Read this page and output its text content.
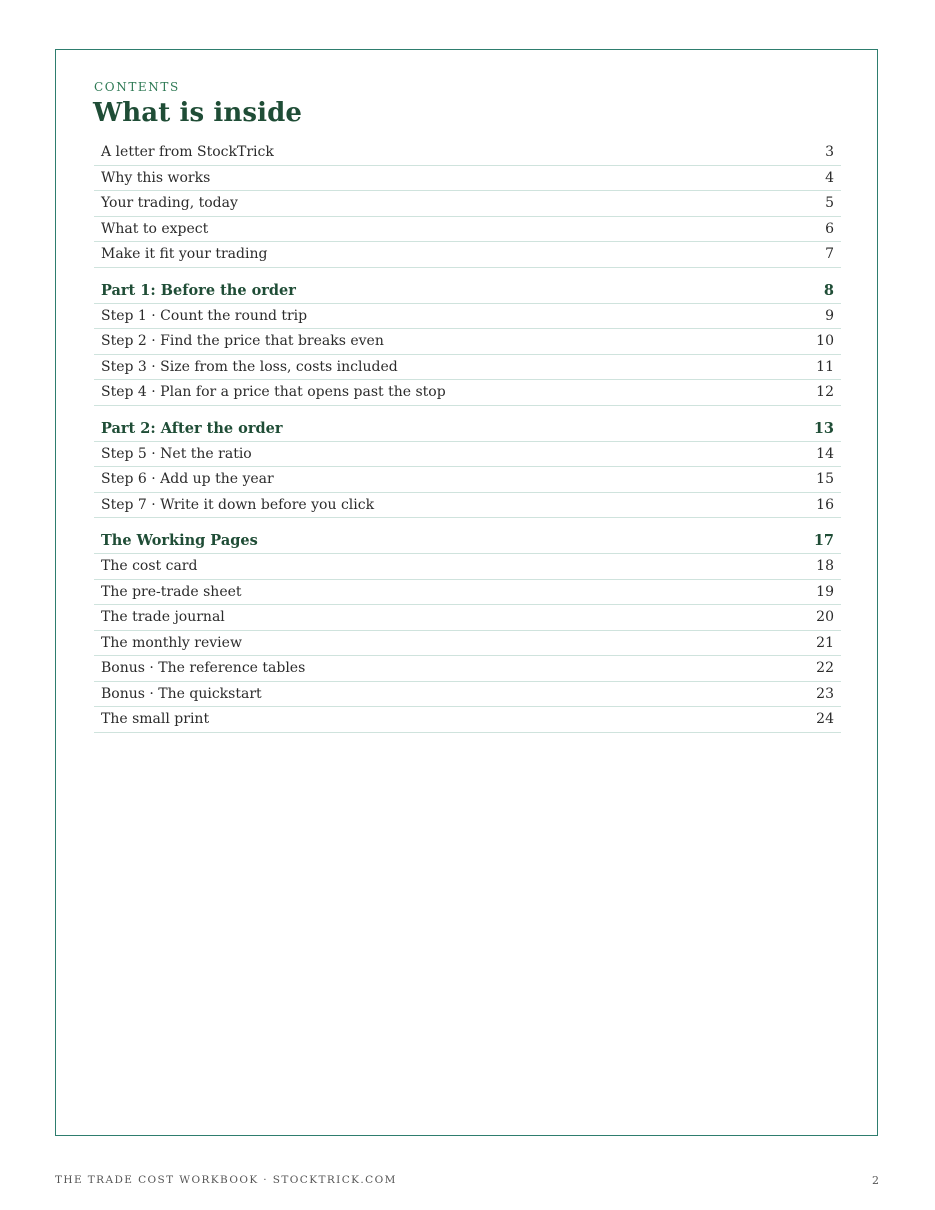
CONTENTS
What is inside
A letter from StockTrick	3
Why this works	4
Your trading, today	5
What to expect	6
Make it fit your trading	7
Part 1: Before the order	8
Step 1 · Count the round trip	9
Step 2 · Find the price that breaks even	10
Step 3 · Size from the loss, costs included	11
Step 4 · Plan for a price that opens past the stop	12
Part 2: After the order	13
Step 5 · Net the ratio	14
Step 6 · Add up the year	15
Step 7 · Write it down before you click	16
The Working Pages	17
The cost card	18
The pre-trade sheet	19
The trade journal	20
The monthly review	21
Bonus · The reference tables	22
Bonus · The quickstart	23
The small print	24
THE TRADE COST WORKBOOK · STOCKTRICK.COM	2
